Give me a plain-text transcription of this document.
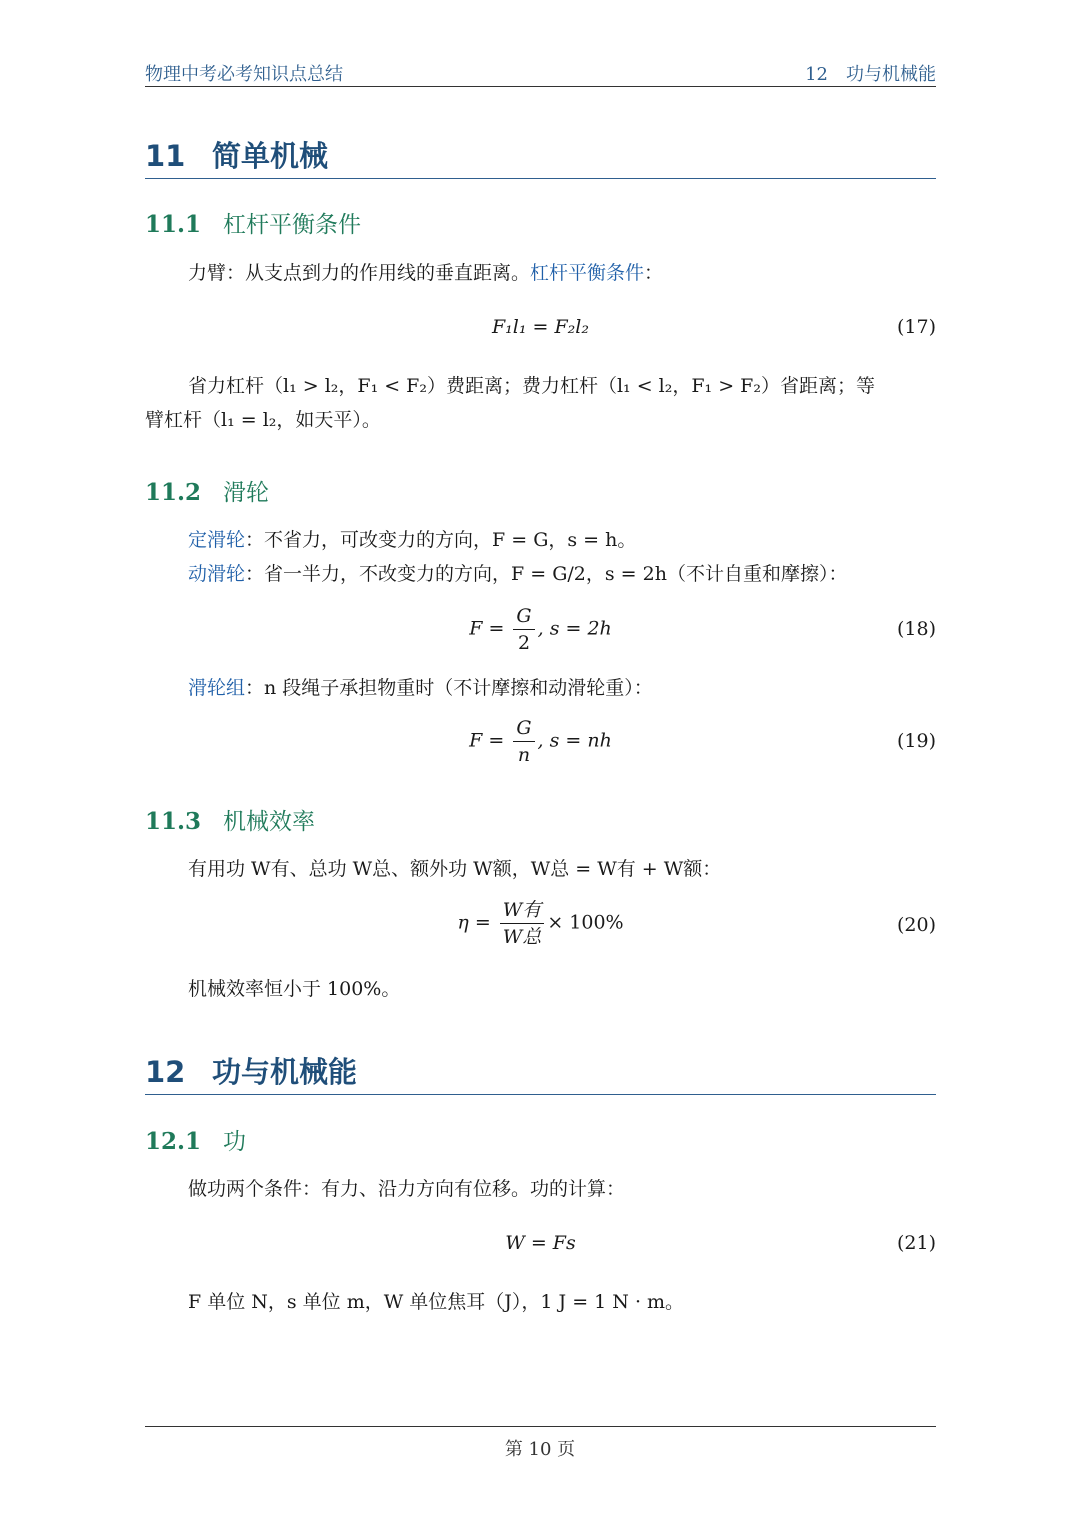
物理中考必考知识点总结	12 功与机械能
11 简单机械
11.1 杠杆平衡条件
力臂：从支点到力的作用线的垂直距离。杠杆平衡条件：
F₁l₁ = F₂l₂	(17)
省力杠杆（l₁ > l₂，F₁ < F₂）费距离；费力杠杆（l₁ < l₂，F₁ > F₂）省距离；等
臂杠杆（l₁ = l₂，如天平）。
11.2 滑轮
定滑轮：不省力，可改变力的方向，F = G，s = h。
动滑轮：省一半力，不改变力的方向，F = G/2，s = 2h（不计自重和摩擦）：
$F = \frac{G}{2}$ , s = 2h	(18)
滑轮组：n 段绳子承担物重时（不计摩擦和动滑轮重）：
$F = \frac{G}{n}$ , s = nh	(19)
11.3 机械效率
有用功 W有、总功 W总、额外功 W额，W总 = W有 + W额：
$\eta = \frac{\text{W有}}{\text{W总}} \times 100\%$	(20)
机械效率恒小于 100%。
12 功与机械能
12.1 功
做功两个条件：有力、沿力方向有位移。功的计算：
W = Fs	(21)
F 单位 N，s 单位 m，W 单位焦耳（J），1 J = 1 N · m。
第 10 页
